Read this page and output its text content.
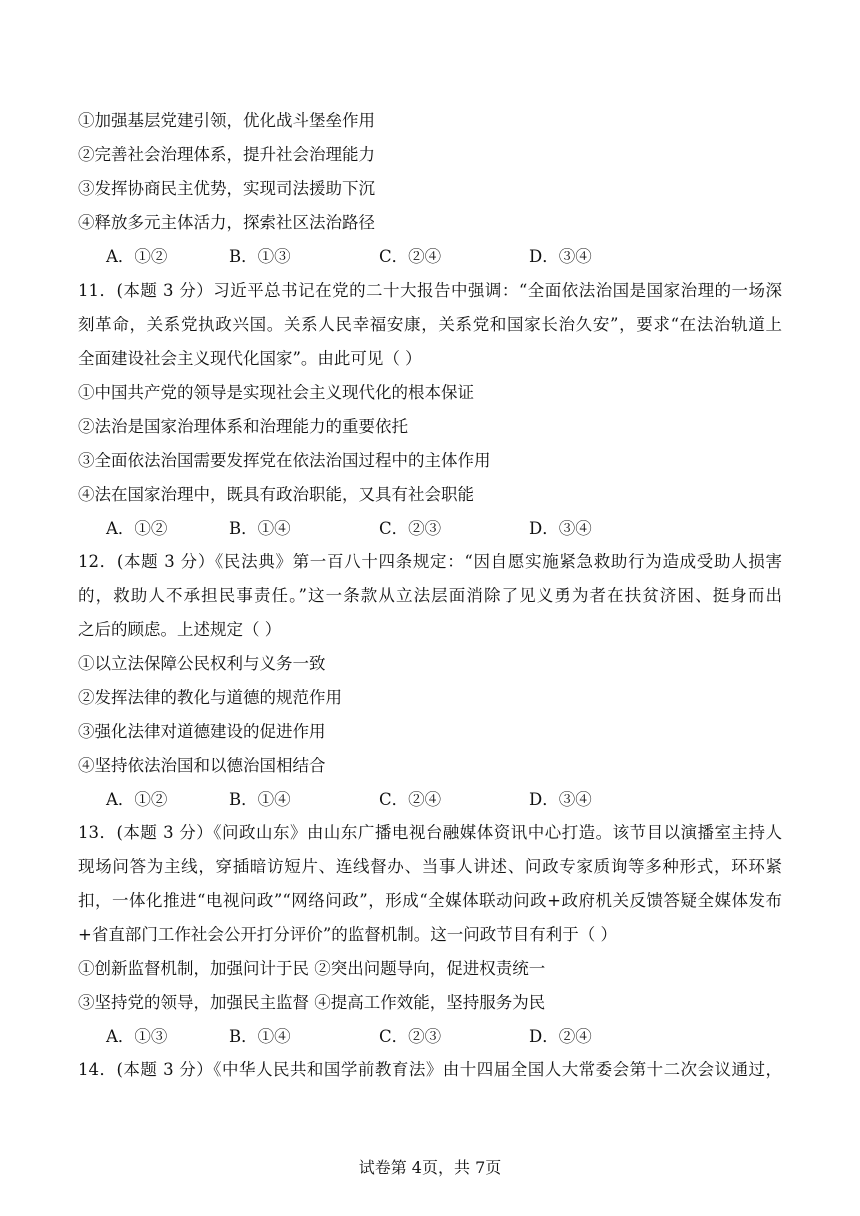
①加强基层党建引领，优化战斗堡垒作用
②完善社会治理体系，提升社会治理能力
③发挥协商民主优势，实现司法援助下沉
④释放多元主体活力，探索社区法治路径
A．①②	B．①③	C．②④	D．③④
11．(本题 3 分）习近平总书记在党的二十大报告中强调：“全面依法治国是国家治理的一场深
刻革命，关系党执政兴国。关系人民幸福安康，关系党和国家长治久安”，要求“在法治轨道上
全面建设社会主义现代化国家”。由此可见（ ）
①中国共产党的领导是实现社会主义现代化的根本保证
②法治是国家治理体系和治理能力的重要依托
③全面依法治国需要发挥党在依法治国过程中的主体作用
④法在国家治理中，既具有政治职能，又具有社会职能
A．①②	B．①④	C．②③	D．③④
12．(本题 3 分）《民法典》第一百八十四条规定：“因自愿实施紧急救助行为造成受助人损害
的，救助人不承担民事责任。”这一条款从立法层面消除了见义勇为者在扶贫济困、挺身而出
之后的顾虑。上述规定（ ）
①以立法保障公民权利与义务一致
②发挥法律的教化与道德的规范作用
③强化法律对道德建设的促进作用
④坚持依法治国和以德治国相结合
A．①②	B．①④	C．②④	D．③④
13．(本题 3 分）《问政山东》由山东广播电视台融媒体资讯中心打造。该节目以演播室主持人
现场问答为主线，穿插暗访短片、连线督办、当事人讲述、问政专家质询等多种形式，环环紧
扣，一体化推进“电视问政”“网络问政”，形成“全媒体联动问政+政府机关反馈答疑全媒体发布
+省直部门工作社会公开打分评价”的监督机制。这一问政节目有利于（ ）
①创新监督机制，加强问计于民 ②突出问题导向，促进权责统一
③坚持党的领导，加强民主监督 ④提高工作效能，坚持服务为民
A．①③	B．①④	C．②③	D．②④
14．(本题 3 分）《中华人民共和国学前教育法》由十四届全国人大常委会第十二次会议通过，
试卷第 4页，共 7页
